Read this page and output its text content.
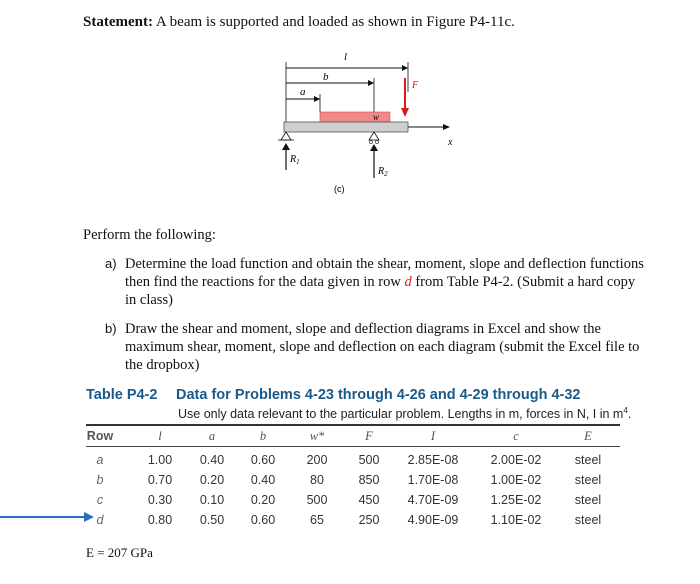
Statement: A beam is supported and loaded as shown in Figure P4-11c.
l
b
a
w
x
F
$R_1$
$R_2$
(c)
Perform the following:
a) Determine the load function and obtain the shear, moment, slope and deflection functions then find the reactions for the data given in row d from Table P4-2. (Submit a hard copy in class)
b) Draw the shear and moment, slope and deflection diagrams in Excel and show the maximum shear, moment, slope and deflection on each diagram (submit the Excel file to the dropbox)
Table P4-2 Data for Problems 4-23 through 4-26 and 4-29 through 4-32
Use only data relevant to the particular problem. Lengths in m, forces in N, I in $m^4$.
Row	l	a	b	w*	F	I	c	E
a	1.00	0.40	0.60	200	500	2.85E-08	2.00E-02	steel
b	0.70	0.20	0.40	80	850	1.70E-08	1.00E-02	steel
c	0.30	0.10	0.20	500	450	4.70E-09	1.25E-02	steel
d	0.80	0.50	0.60	65	250	4.90E-09	1.10E-02	steel
E = 207 GPa
